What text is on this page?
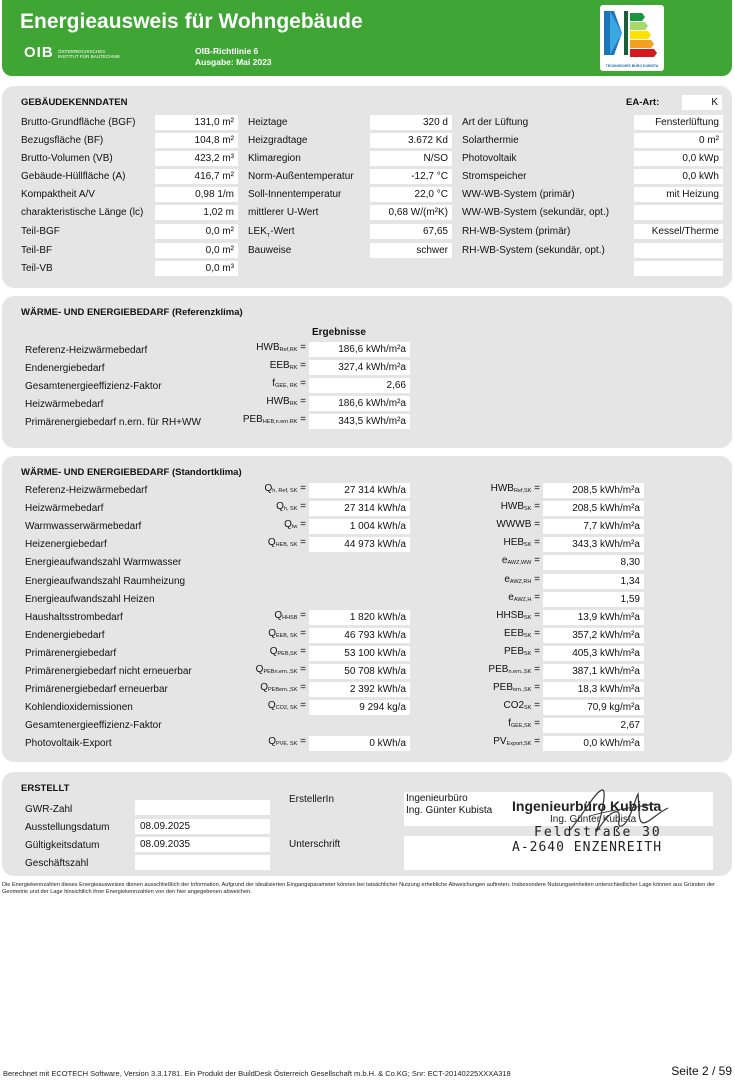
Energieausweis für Wohngebäude
OIB ÖSTERREICHISCHES
INSTITUT FÜR BAUTECHNIK
OIB-Richtlinie 6
Ausgabe: Mai 2023	TECHNISCHES BÜRO KUBISTA
GEBÄUDEKENNDATEN	EA-Art:	K
Brutto-Grundfläche (BGF)	131,0 m²
Bezugsfläche (BF)	104,8 m²
Brutto-Volumen (VB)	423,2 m³
Gebäude-Hüllfläche (A)	416,7 m²
Kompaktheit A/V	0,98 1/m
charakteristische Länge (lc)	1,02 m
Teil-BGF	0,0 m²
Teil-BF	0,0 m²
Teil-VB	0,0 m³
Heiztage	320 d
Heizgradtage	3.672 Kd
Klimaregion	N/SO
Norm-Außentemperatur	-12,7 °C
Soll-Innentemperatur	22,0 °C
mittlerer U-Wert	0,68 W/(m²K)
$LEK_T$-Wert	67,65
Bauweise	schwer
Art der Lüftung	Fensterlüftung
Solarthermie	0 m²
Photovoltaik	0,0 kWp
Stromspeicher	0,0 kWh
WW-WB-System (primär)	mit Heizung
WW-WB-System (sekundär, opt.)
RH-WB-System (primär)	Kessel/Therme
RH-WB-System (sekundär, opt.)
WÄRME- UND ENERGIEBEDARF (Referenzklima)
Ergebnisse
Referenz-Heizwärmebedarf	$HWB_{Ref,RK}$ =	186,6 kWh/m²a
Endenergiebedarf	$EEB_{RK}$ =	327,4 kWh/m²a
Gesamtenergieeffizienz-Faktor	$f_{GEE, RK}$ =	2,66
Heizwärmebedarf	$HWB_{RK}$ =	186,6 kWh/m²a
Primärenergiebedarf n.ern. für RH+WW	$PEB_{HEB,n.ern.RK}$ =	343,5 kWh/m²a
WÄRME- UND ENERGIEBEDARF (Standortklima)
Referenz-Heizwärmebedarf	$Q_{h, Ref, SK}$ =	27 314 kWh/a	$HWB_{Ref,SK}$ =	208,5 kWh/m²a
Heizwärmebedarf	$Q_{h, SK}$ =	27 314 kWh/a	$HWB_{SK}$ =	208,5 kWh/m²a
Warmwasserwärmebedarf	$Q_{tw}$ =	1 004 kWh/a	WWWB =	7,7 kWh/m²a
Heizenergiebedarf	$Q_{HEB, SK}$ =	44 973 kWh/a	$HEB_{SK}$ =	343,3 kWh/m²a
Energieaufwandszahl Warmwasser	$e_{AWZ,WW}$ =	8,30
Energieaufwandszahl Raumheizung	$e_{AWZ,RH}$ =	1,34
Energieaufwandszahl Heizen	$e_{AWZ,H}$ =	1,59
Haushaltsstrombedarf	$Q_{HHSB}$ =	1 820 kWh/a	$HHSB_{SK}$ =	13,9 kWh/m²a
Endenergiebedarf	$Q_{EEB, SK}$ =	46 793 kWh/a	$EEB_{SK}$ =	357,2 kWh/m²a
Primärenergiebedarf	$Q_{PEB,SK}$ =	53 100 kWh/a	$PEB_{SK}$ =	405,3 kWh/m²a
Primärenergiebedarf nicht erneuerbar	$Q_{PEBn.ern.,SK}$ =	50 708 kWh/a	$PEB_{n.ern.,SK}$ =	387,1 kWh/m²a
Primärenergiebedarf erneuerbar	$Q_{PEBern.,SK}$ =	2 392 kWh/a	$PEB_{ern.,SK}$ =	18,3 kWh/m²a
Kohlendioxidemissionen	$Q_{CO2, SK}$ =	9 294 kg/a	$CO2_{SK}$ =	70,9 kg/m²a
Gesamtenergieeffizienz-Faktor	$f_{GEE,SK}$ =	2,67
Photovoltaik-Export	$Q_{PVE, SK}$ =	0 kWh/a	$PV_{Export,SK}$ =	0,0 kWh/m²a
ERSTELLT
GWR-Zahl
Ausstellungsdatum	08.09.2025
Gültigkeitsdatum	08.09.2035
Geschäftszahl
ErstellerIn	Ingenieurbüro
Ing. Günter Kubista
Unterschrift
Ingenieurbüro Kubista
Ing. Günter Kubista
Feldstraße 30
A-2640 ENZENREITH
Die Energiekennzahlen dieses Energieausweises dienen ausschließlich der Information. Aufgrund der idealisierten Eingangsparameter können bei tatsächlicher Nutzung erhebliche Abweichungen auftreten. Insbesondere Nutzungseinheiten unterschiedlicher Lage können aus Gründen der Geometrie und der Lage hinsichtlich ihrer Energiekennzahlen von den hier angegebenen abweichen.
Berechnet mit ECOTECH Software, Version 3.3.1781. Ein Produkt der BuildDesk Österreich Gesellschaft m.b.H. & Co.KG; Snr: ECT-20140225XXXA318	Seite 2 / 59
